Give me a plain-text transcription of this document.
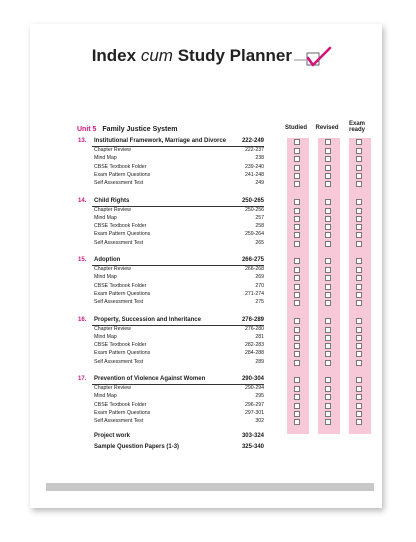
Index cum Study Planner
Studied	Revised
Exam ready
Unit 5 Family Justice System
13. Institutional Framework, Marriage and Divorce	222-249
Chapter Review	222-237
Mind Map	238
CBSE Textbook Folder	239-240
Exam Pattern Questions	241-248
Self Assessment Test	249
14. Child Rights	250-265
Chapter Review	250-256
Mind Map	257
CBSE Textbook Folder	258
Exam Pattern Questions	259-264
Self Assessment Test	265
15. Adoption	266-275
Chapter Review	266-268
Mind Map	269
CBSE Textbook Folder	270
Exam Pattern Questions	271-274
Self Assessment Test	275
16. Property, Succession and Inheritance	276-289
Chapter Review	276-280
Mind Map	281
CBSE Textbook Folder	282-283
Exam Pattern Questions	284-288
Self Assessment Test	289
17. Prevention of Violence Against Women	290-304
Chapter Review	290-294
Mind Map	295
CBSE Textbook Folder	296-297
Exam Pattern Questions	297-301
Self Assessment Test	302
Project work	303-324
Sample Question Papers (1-3)	325-340
